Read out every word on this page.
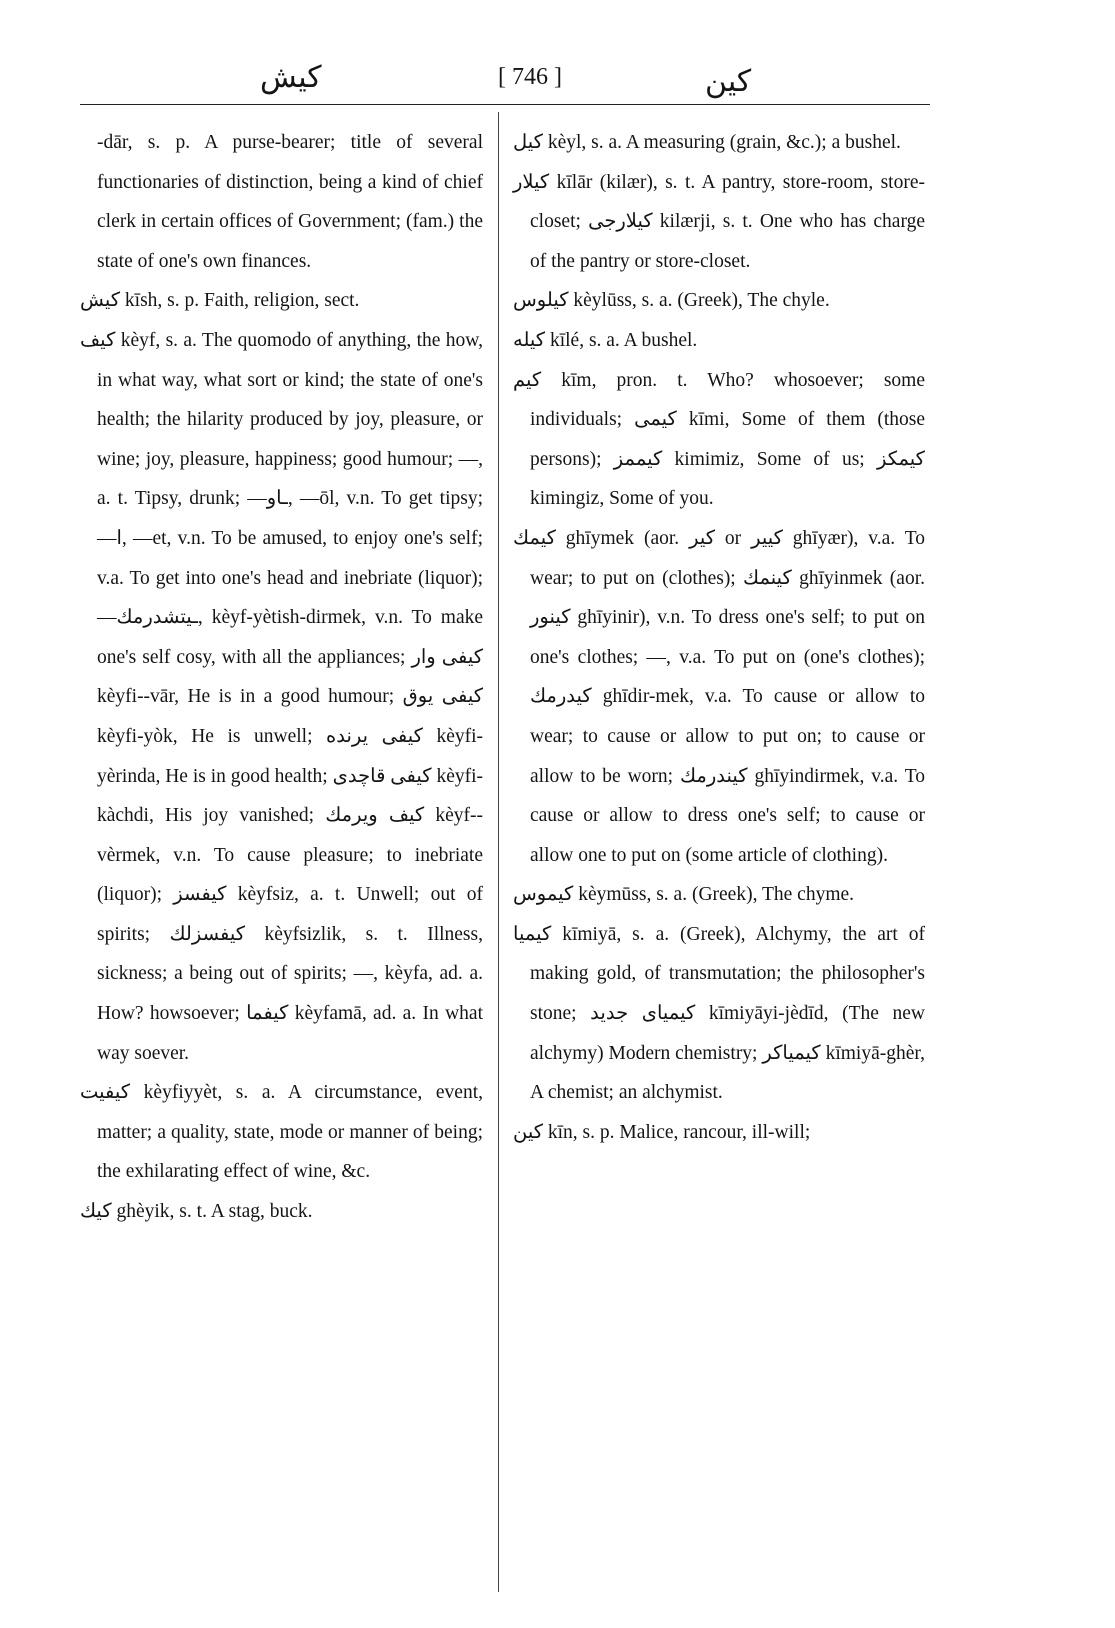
کیش	[ 746 ]	کین

-dār, s. p. A purse-bearer; title of several functionaries of distinction, being a kind of chief clerk in certain offices of Government; (fam.) the state of one's own finances.

کیش kīsh, s. p. Faith, religion, sect.

کیف kèyf, s. a. The quomodo of anything, the how, in what way, what sort or kind; the state of one's health; the hilarity produced by joy, pleasure, or wine; joy, pleasure, happiness; good humour; —, a. t. Tipsy, drunk; —ـاو, —ōl, v.n. To get tipsy; —ا, —et, v.n. To be amused, to enjoy one's self; v.a. To get into one's head and inebriate (liquor); —ـیتشدرمك, kèyf-yètish-dirmek, v.n. To make one's self cosy, with all the appliances; کیفی وار kèyfi--vār, He is in a good humour; کیفی یوق kèyfi-yòk, He is unwell; کیفی یرنده kèyfi-yèrinda, He is in good health; کیفی قاچدی kèyfi-kàchdi, His joy vanished; کیف ویرمك kèyf--vèrmek, v.n. To cause pleasure; to inebriate (liquor); کیفسز kèyfsiz, a. t. Unwell; out of spirits; کیفسزلك kèyfsizlik, s. t. Illness, sickness; a being out of spirits; —, kèyfa, ad. a. How? howsoever; کیفما kèyfamā, ad. a. In what way soever.

کیفیت kèyfiyyèt, s. a. A circumstance, event, matter; a quality, state, mode or manner of being; the exhilarating effect of wine, &c.

کیك ghèyik, s. t. A stag, buck.

کیل kèyl, s. a. A measuring (grain, &c.); a bushel.

کیلار kīlār (kilær), s. t. A pantry, store-room, store-closet; کیلارجی kilærji, s. t. One who has charge of the pantry or store-closet.

کیلوس kèylūss, s. a. (Greek), The chyle.

کیله kīlé, s. a. A bushel.

کیم kīm, pron. t. Who? whosoever; some individuals; کیمی kīmi, Some of them (those persons); کیممز kimimiz, Some of us; کیمکز kimingiz, Some of you.

کیمك ghīymek (aor. کیر or کییر ghīyær), v.a. To wear; to put on (clothes); کینمك ghīyinmek (aor. کینور ghīyinir), v.n. To dress one's self; to put on one's clothes; —, v.a. To put on (one's clothes); کیدرمك ghīdir-mek, v.a. To cause or allow to wear; to cause or allow to put on; to cause or allow to be worn; کیندرمك ghīyindirmek, v.a. To cause or allow to dress one's self; to cause or allow one to put on (some article of clothing).

کیموس kèymūss, s. a. (Greek), The chyme.

کیمیا kīmiyā, s. a. (Greek), Alchymy, the art of making gold, of transmutation; the philosopher's stone; کیمیای جدید kīmiyāyi-jèdīd, (The new alchymy) Modern chemistry; کیمیاکر kīmiyā-ghèr, A chemist; an alchymist.

کین kīn, s. p. Malice, rancour, ill-will;
